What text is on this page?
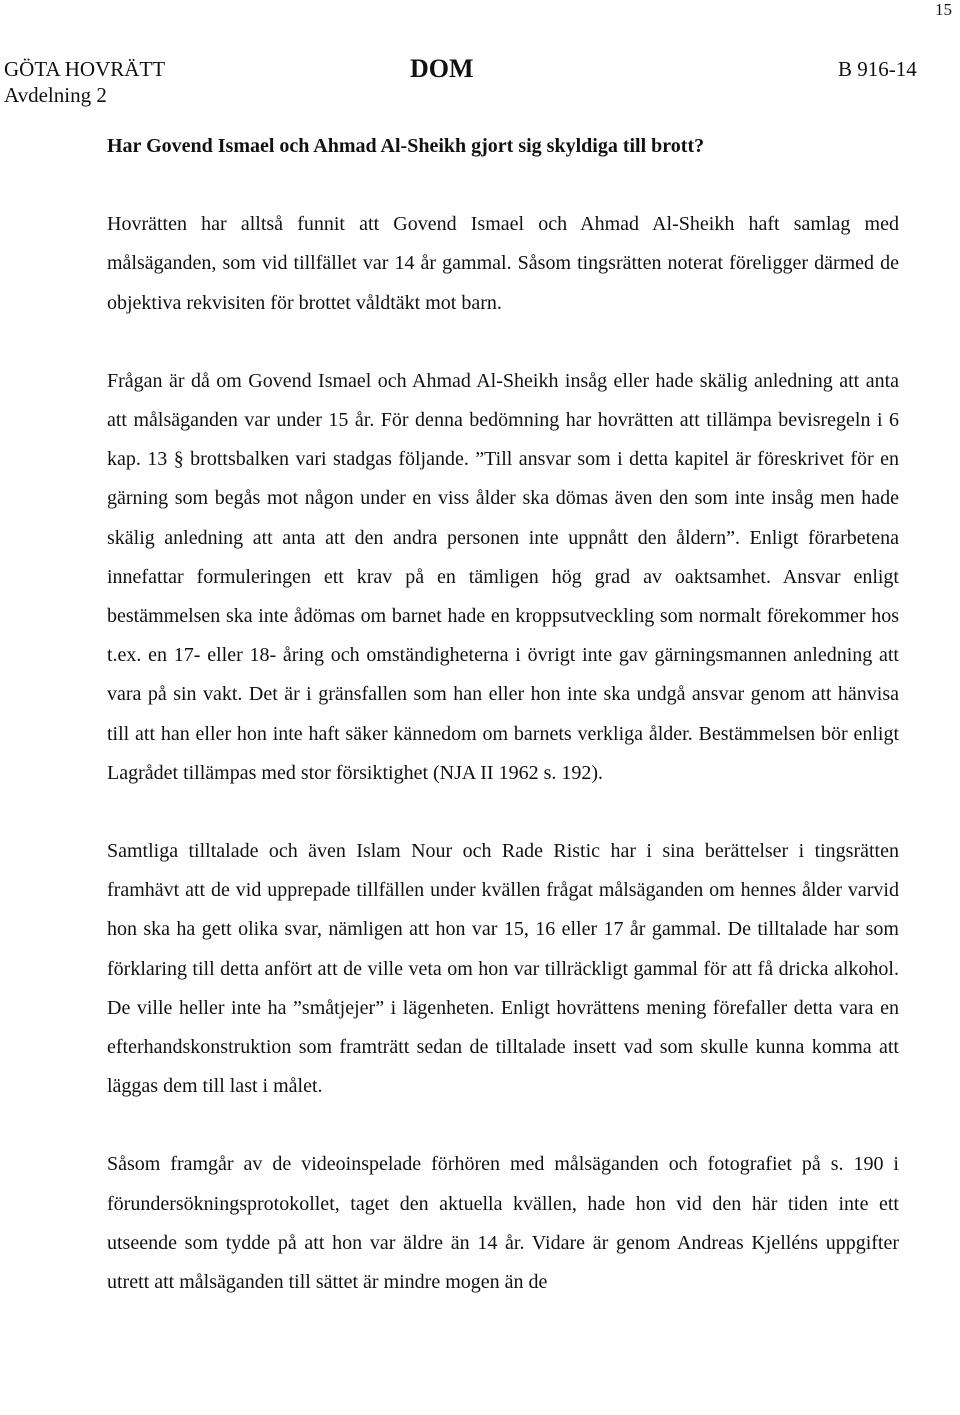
15
GÖTA HOVRÄTT
Avdelning 2
DOM	B 916-14

Har Govend Ismael och Ahmad Al-Sheikh gjort sig skyldiga till brott?

Hovrätten har alltså funnit att Govend Ismael och Ahmad Al-Sheikh haft samlag med målsäganden, som vid tillfället var 14 år gammal. Såsom tingsrätten noterat föreligger därmed de objektiva rekvisiten för brottet våldtäkt mot barn.

Frågan är då om Govend Ismael och Ahmad Al-Sheikh insåg eller hade skälig anledning att anta att målsäganden var under 15 år. För denna bedömning har hovrätten att tillämpa bevisregeln i 6 kap. 13 § brottsbalken vari stadgas följande. ”Till ansvar som i detta kapitel är föreskrivet för en gärning som begås mot någon under en viss ålder ska dömas även den som inte insåg men hade skälig anledning att anta att den andra personen inte uppnått den åldern”. Enligt förarbetena innefattar formuleringen ett krav på en tämligen hög grad av oaktsamhet. Ansvar enligt bestämmelsen ska inte ådömas om barnet hade en kroppsutveckling som normalt förekommer hos t.ex. en 17- eller 18- åring och omständigheterna i övrigt inte gav gärningsmannen anledning att vara på sin vakt. Det är i gränsfallen som han eller hon inte ska undgå ansvar genom att hänvisa till att han eller hon inte haft säker kännedom om barnets verkliga ålder. Bestämmelsen bör enligt Lagrådet tillämpas med stor försiktighet (NJA II 1962 s. 192).

Samtliga tilltalade och även Islam Nour och Rade Ristic har i sina berättelser i tingsrätten framhävt att de vid upprepade tillfällen under kvällen frågat målsäganden om hennes ålder varvid hon ska ha gett olika svar, nämligen att hon var 15, 16 eller 17 år gammal. De tilltalade har som förklaring till detta anfört att de ville veta om hon var tillräckligt gammal för att få dricka alkohol. De ville heller inte ha ”småtjejer” i lägenheten. Enligt hovrättens mening förefaller detta vara en efterhandskonstruktion som framträtt sedan de tilltalade insett vad som skulle kunna komma att läggas dem till last i målet.

Såsom framgår av de videoinspelade förhören med målsäganden och fotografiet på s. 190 i förundersökningsprotokollet, taget den aktuella kvällen, hade hon vid den här tiden inte ett utseende som tydde på att hon var äldre än 14 år. Vidare är genom Andreas Kjelléns uppgifter utrett att målsäganden till sättet är mindre mogen än de
